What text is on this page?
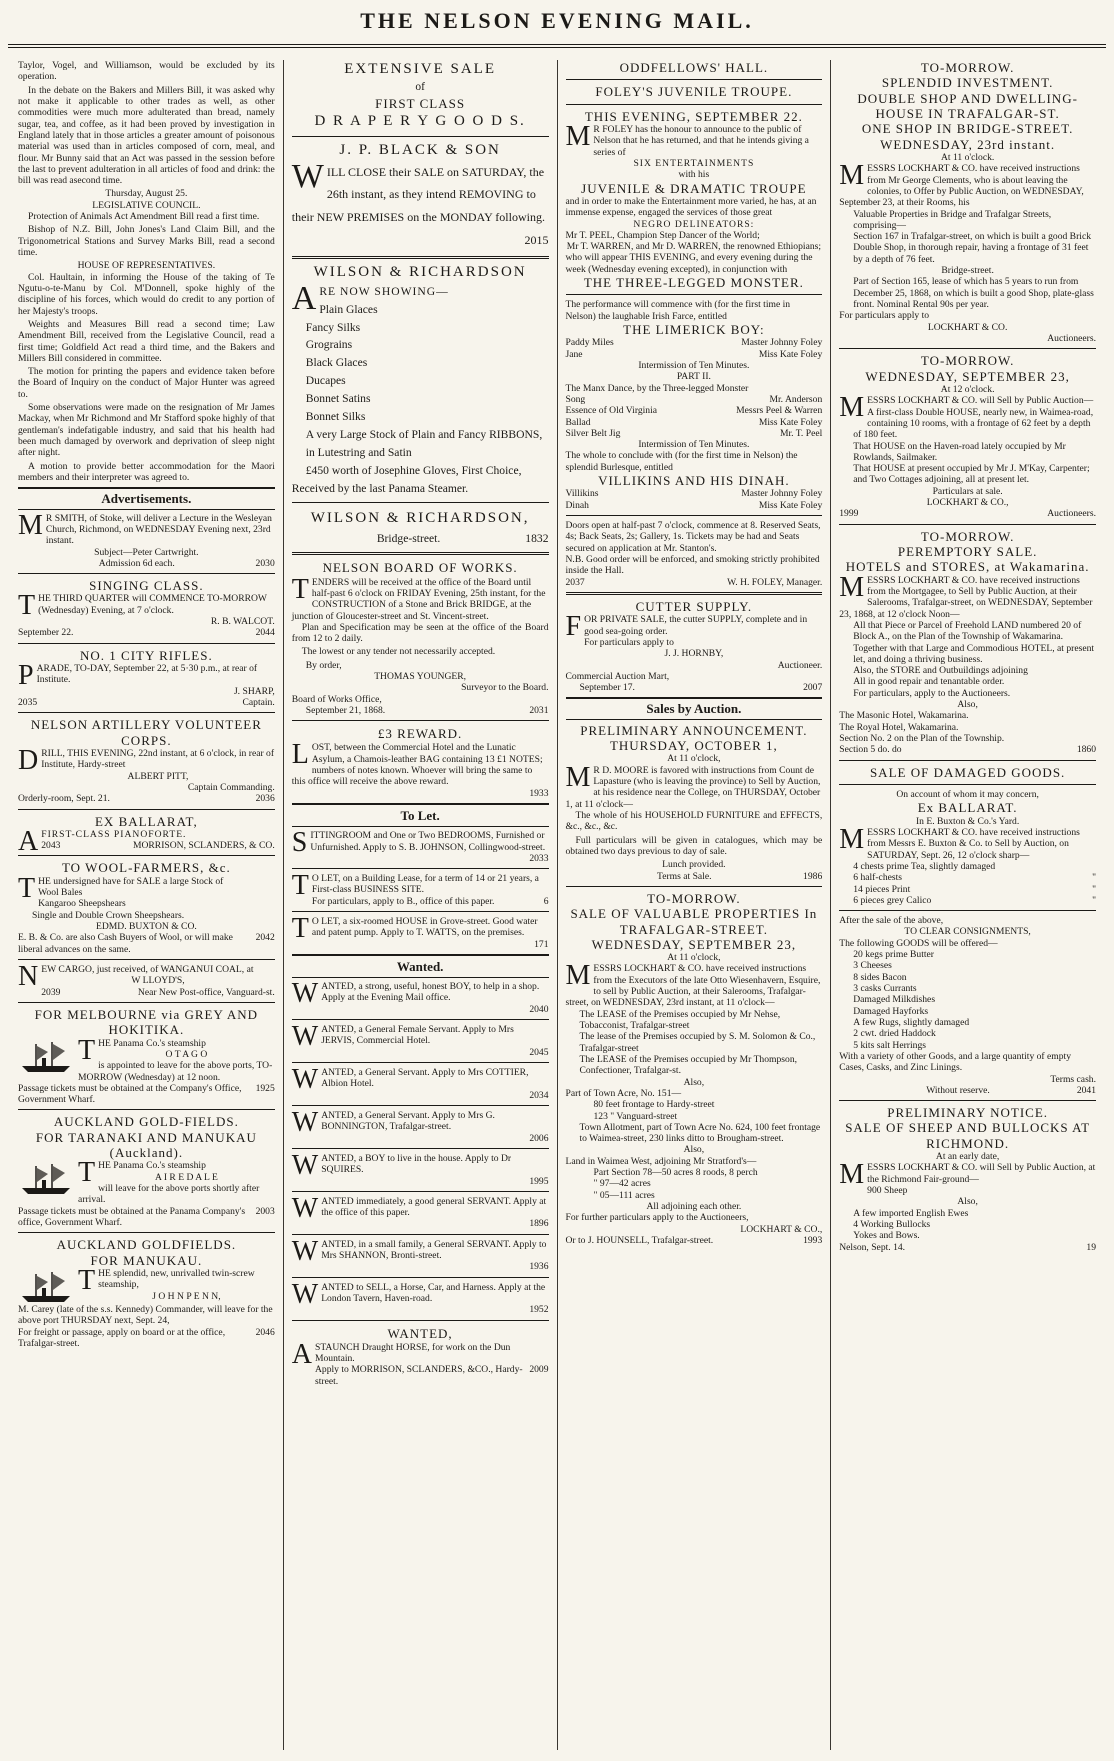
THE NELSON EVENING MAIL.

Taylor, Vogel, and Williamson, would be excluded by its operation.

In the debate on the Bakers and Millers Bill, it was asked why not make it applicable to other trades as well, as other commodities were much more adulterated than bread, namely sugar, tea, and coffee, as it had been proved by investigation in England lately that in those articles a greater amount of poisonous material was used than in articles composed of corn, meal, and flour. Mr Bunny said that an Act was passed in the session before the last to prevent adulteration in all articles of food and drink: the bill was read asecond time.

Thursday, August 25.
LEGISLATIVE COUNCIL.

Protection of Animals Act Amendment Bill read a first time.

Bishop of N.Z. Bill, John Jones's Land Claim Bill, and the Trigonometrical Stations and Survey Marks Bill, read a second time.

HOUSE OF REPRESENTATIVES.

Col. Haultain, in informing the House of the taking of Te Ngutu-o-te-Manu by Col. M'Donnell, spoke highly of the discipline of his forces, which would do credit to any portion of her Majesty's troops.

Weights and Measures Bill read a second time; Law Amendment Bill, received from the Legislative Council, read a first time; Goldfield Act read a third time, and the Bakers and Millers Bill considered in committee.

The motion for printing the papers and evidence taken before the Board of Inquiry on the conduct of Major Hunter was agreed to.

Some observations were made on the resignation of Mr James Mackay, when Mr Richmond and Mr Stafford spoke highly of that gentleman's indefatigable industry, and said that his health had been much damaged by overwork and deprivation of sleep night after night.

A motion to provide better accommodation for the Maori members and their interpreter was agreed to.

Advertisements.
M R SMITH, of Stoke, will deliver a Lecture in the Wesleyan Church, Richmond, on WEDNESDAY Evening next, 23rd instant.
Subject—Peter Cartwright.
Admission 6d each.	2030
SINGING CLASS.
THE THIRD QUARTER will COMMENCE TO-MORROW (Wednesday) Evening, at 7 o'clock.
R. B. WALCOT.
September 22.	2044
NO. 1 CITY RIFLES.
PARADE, TO-DAY, September 22, at 5·30 p.m., at rear of Institute.
J. SHARP,
2035	Captain.
NELSON ARTILLERY VOLUNTEER CORPS.
DRILL, THIS EVENING, 22nd instant, at 6 o'clock, in rear of Institute, Hardy-street
ALBERT PITT,
Captain Commanding.
Orderly-room, Sept. 21.	2036
EX BALLARAT,
AFIRST-CLASS PIANOFORTE.
2043	MORRISON, SCLANDERS, & CO.
TO WOOL-FARMERS, &c.
THE undersigned have for SALE a large Stock of
Wool Bales
Kangaroo Sheepshears
Single and Double Crown Sheepshears.
EDMD. BUXTON & CO.
E. B. & Co. are also Cash Buyers of Wool, or will make liberal advances on the same.
2042
NEW CARGO, just received, of WANGANUI COAL, at
W LLOYD'S,
2039	Near New Post-office, Vanguard-st.
FOR MELBOURNE via GREY AND HOKITIKA.
THE Panama Co.'s steamship
O T A G O
is appointed to leave for the above ports, TO-MORROW (Wednesday) at 12 noon.
Passage tickets must be obtained at the Company's Office, Government Wharf.
1925
AUCKLAND GOLD-FIELDS.
FOR TARANAKI AND MANUKAU (Auckland).
THE Panama Co.'s steamship
A I R E D A L E
will leave for the above ports shortly after arrival.
Passage tickets must be obtained at the Panama Company's office, Government Wharf.
2003
AUCKLAND GOLDFIELDS.
FOR MANUKAU.
THE splendid, new, unrivalled twin-screw steamship,
J O H N P E N N,
M. Carey (late of the s.s. Kennedy) Commander, will leave for the above port THURSDAY next, Sept. 24,
For freight or passage, apply on board or at the office, Trafalgar-street.
2046
EXTENSIVE SALE
of
FIRST CLASS
D R A P E R Y G O O D S.
J. P. BLACK & SON
WILL CLOSE their SALE on SATURDAY, the 26th instant, as they intend REMOVING to their NEW PREMISES on the MONDAY following.
2015
WILSON & RICHARDSON
ARE NOW SHOWING—
Plain Glaces
Fancy Silks
Grograins
Black Glaces
Ducapes
Bonnet Satins
Bonnet Silks
A very Large Stock of Plain and Fancy RIBBONS, in Lutestring and Satin
£450 worth of Josephine Gloves, First Choice,
Received by the last Panama Steamer.
WILSON & RICHARDSON,
Bridge-street.	1832
NELSON BOARD OF WORKS.
TENDERS will be received at the office of the Board until half-past 6 o'clock on FRIDAY Evening, 25th instant, for the CONSTRUCTION of a Stone and Brick BRIDGE, at the junction of Gloucester-street and St. Vincent-street.

Plan and Specification may be seen at the office of the Board from 12 to 2 daily.

The lowest or any tender not necessarily accepted.

By order,
THOMAS YOUNGER,
Surveyor to the Board.
Board of Works Office,
September 21, 1868.	2031
£3 REWARD.
LOST, between the Commercial Hotel and the Lunatic Asylum, a Chamois-leather BAG containing 13 £1 NOTES; numbers of notes known. Whoever will bring the same to this office will receive the above reward.
1933
To Let.
SITTINGROOM and One or Two BEDROOMS, Furnished or Unfurnished. Apply to S. B. JOHNSON, Collingwood-street.
2033
T O LET, on a Building Lease, for a term of 14 or 21 years, a First-class BUSINESS SITE.
For particulars, apply to B., office of this paper.	6
T O LET, a six-roomed HOUSE in Grove-street. Good water and patent pump. Apply to T. WATTS, on the premises.
171
Wanted.
WANTED, a strong, useful, honest BOY, to help in a shop. Apply at the Evening Mail office.
2040
WANTED, a General Female Servant. Apply to Mrs JERVIS, Commercial Hotel.
2045
WANTED, a General Servant. Apply to Mrs COTTIER, Albion Hotel.
2034
WANTED, a General Servant. Apply to Mrs G. BONNINGTON, Trafalgar-street.
2006
WANTED, a BOY to live in the house. Apply to Dr SQUIRES.
1995
WANTED immediately, a good general SERVANT. Apply at the office of this paper.
1896
WANTED, in a small family, a General SERVANT. Apply to Mrs SHANNON, Bronti-street.
1936
WANTED to SELL, a Horse, Car, and Harness. Apply at the London Tavern, Haven-road.
1952
WANTED,
ASTAUNCH Draught HORSE, for work on the Dun Mountain.
Apply to MORRISON, SCLANDERS, &CO., Hardy-street.
2009
ODDFELLOWS' HALL.
FOLEY'S JUVENILE TROUPE.
THIS EVENING, SEPTEMBER 22.
M R FOLEY has the honour to announce to the public of Nelson that he has returned, and that he intends giving a series of
SIX ENTERTAINMENTS
with his
JUVENILE & DRAMATIC TROUPE
and in order to make the Entertainment more varied, he has, at an immense expense, engaged the services of those great
NEGRO DELINEATORS:
Mr T. PEEL, Champion Step Dancer of the World;
Mr T. WARREN, and Mr D. WARREN, the renowned Ethiopians;
who will appear THIS EVENING, and every evening during the week (Wednesday evening excepted), in conjunction with
THE THREE-LEGGED MONSTER.
The performance will commence with (for the first time in Nelson) the laughable Irish Farce, entitled
THE LIMERICK BOY:
Paddy Miles	Master Johnny Foley
Jane	Miss Kate Foley
Intermission of Ten Minutes.
PART II.
The Manx Dance, by the Three-legged Monster
Song	Mr. Anderson
Essence of Old Virginia	Messrs Peel & Warren
Ballad	Miss Kate Foley
Silver Belt Jig	Mr. T. Peel
Intermission of Ten Minutes.
The whole to conclude with (for the first time in Nelson) the splendid Burlesque, entitled
VILLIKINS AND HIS DINAH.
Villikins	Master Johnny Foley
Dinah	Miss Kate Foley
Doors open at half-past 7 o'clock, commence at 8. Reserved Seats, 4s; Back Seats, 2s; Gallery, 1s. Tickets may be had and Seats secured on application at Mr. Stanton's.
N.B. Good order will be enforced, and smoking strictly prohibited inside the Hall.
2037	W. H. FOLEY, Manager.
CUTTER SUPPLY.
FOR PRIVATE SALE, the cutter SUPPLY, complete and in good sea-going order.
For particulars apply to
J. J. HORNBY,
Auctioneer.
Commercial Auction Mart,
September 17.	2007
Sales by Auction.
PRELIMINARY ANNOUNCEMENT.
THURSDAY, OCTOBER 1,
At 11 o'clock,
M R D. MOORE is favored with instructions from Count de Lapasture (who is leaving the province) to Sell by Auction, at his residence near the College, on THURSDAY, October 1, at 11 o'clock—

The whole of his HOUSEHOLD FURNITURE and EFFECTS, &c., &c., &c.

Full particulars will be given in catalogues, which may be obtained two days previous to day of sale.

Lunch provided.
Terms at Sale.	1986
TO-MORROW.
SALE OF VALUABLE PROPERTIES In TRAFALGAR-STREET.
WEDNESDAY, SEPTEMBER 23,
At 11 o'clock,
MESSRS LOCKHART & CO. have received instructions from the Executors of the late Otto Wiesenhavern, Esquire, to sell by Public Auction, at their Salerooms, Trafalgar-street, on WEDNESDAY, 23rd instant, at 11 o'clock—
The LEASE of the Premises occupied by Mr Nehse, Tobacconist, Trafalgar-street
The lease of the Premises occupied by S. M. Solomon & Co., Trafalgar-street
The LEASE of the Premises occupied by Mr Thompson, Confectioner, Trafalgar-st.
Also,
Part of Town Acre, No. 151—
80 feet frontage to Hardy-street
123 " Vanguard-street
Town Allotment, part of Town Acre No. 624, 100 feet frontage to Waimea-street, 230 links ditto to Brougham-street.
Also,
Land in Waimea West, adjoining Mr Stratford's—
Part Section 78—50 acres 8 roods, 8 perch
" 97—42 acres
" 05—111 acres
All adjoining each other.
For further particulars apply to the Auctioneers,
LOCKHART & CO.,
Or to J. HOUNSELL, Trafalgar-street.	1993
TO-MORROW.
SPLENDID INVESTMENT.
DOUBLE SHOP AND DWELLING-HOUSE IN TRAFALGAR-ST.
ONE SHOP IN BRIDGE-STREET.
WEDNESDAY, 23rd instant.
At 11 o'clock.
MESSRS LOCKHART & CO. have received instructions from Mr George Clements, who is about leaving the colonies, to Offer by Public Auction, on WEDNESDAY, September 23, at their Rooms, his
Valuable Properties in Bridge and Trafalgar Streets, comprising—
Section 167 in Trafalgar-street, on which is built a good Brick Double Shop, in thorough repair, having a frontage of 31 feet by a depth of 76 feet.
Bridge-street.
Part of Section 165, lease of which has 5 years to run from December 25, 1868, on which is built a good Shop, plate-glass front. Nominal Rental 90s per year.
For particulars apply to
LOCKHART & CO.
Auctioneers.
TO-MORROW.
WEDNESDAY, SEPTEMBER 23,
At 12 o'clock.
MESSRS LOCKHART & CO. will Sell by Public Auction—
A first-class Double HOUSE, nearly new, in Waimea-road, containing 10 rooms, with a frontage of 62 feet by a depth of 180 feet.
That HOUSE on the Haven-road lately occupied by Mr Rowlands, Sailmaker.
That HOUSE at present occupied by Mr J. M'Kay, Carpenter; and Two Cottages adjoining, all at present let.
Particulars at sale.
LOCKHART & CO.,
1999	Auctioneers.
TO-MORROW.
PEREMPTORY SALE.
HOTELS and STORES, at Wakamarina.
MESSRS LOCKHART & CO. have received instructions from the Mortgagee, to Sell by Public Auction, at their Salerooms, Trafalgar-street, on WEDNESDAY, September 23, 1868, at 12 o'clock Noon—
All that Piece or Parcel of Freehold LAND numbered 20 of Block A., on the Plan of the Township of Wakamarina.
Together with that Large and Commodious HOTEL, at present let, and doing a thriving business.
Also, the STORE and Outbuildings adjoining
All in good repair and tenantable order.
For particulars, apply to the Auctioneers.
Also,
The Masonic Hotel, Wakamarina.
The Royal Hotel, Wakamarina.
Section No. 2 on the Plan of the Township.
Section 5 do. do	1860
SALE OF DAMAGED GOODS.
On account of whom it may concern,
Ex BALLARAT.
In E. Buxton & Co.'s Yard.
MESSRS LOCKHART & CO. have received instructions from Messrs E. Buxton & Co. to Sell by Auction, on SATURDAY, Sept. 26, 12 o'clock sharp—
4 chests prime Tea, slightly damaged
6 half-chests	"
14 pieces Print	"
6 pieces grey Calico	"
After the sale of the above,
TO CLEAR CONSIGNMENTS,
The following GOODS will be offered—
20 kegs prime Butter
3 Cheeses
8 sides Bacon
3 casks Currants
Damaged Milkdishes
Damaged Hayforks
A few Rugs, slightly damaged
2 cwt. dried Haddock
5 kits salt Herrings
With a variety of other Goods, and a large quantity of empty Cases, Casks, and Zinc Linings.
Terms cash.
Without reserve.	2041
PRELIMINARY NOTICE.
SALE OF SHEEP AND BULLOCKS AT RICHMOND.
At an early date,
MESSRS LOCKHART & CO. will Sell by Public Auction, at the Richmond Fair-ground—
900 Sheep
Also,
A few imported English Ewes
4 Working Bullocks
Yokes and Bows.
Nelson, Sept. 14.	19
